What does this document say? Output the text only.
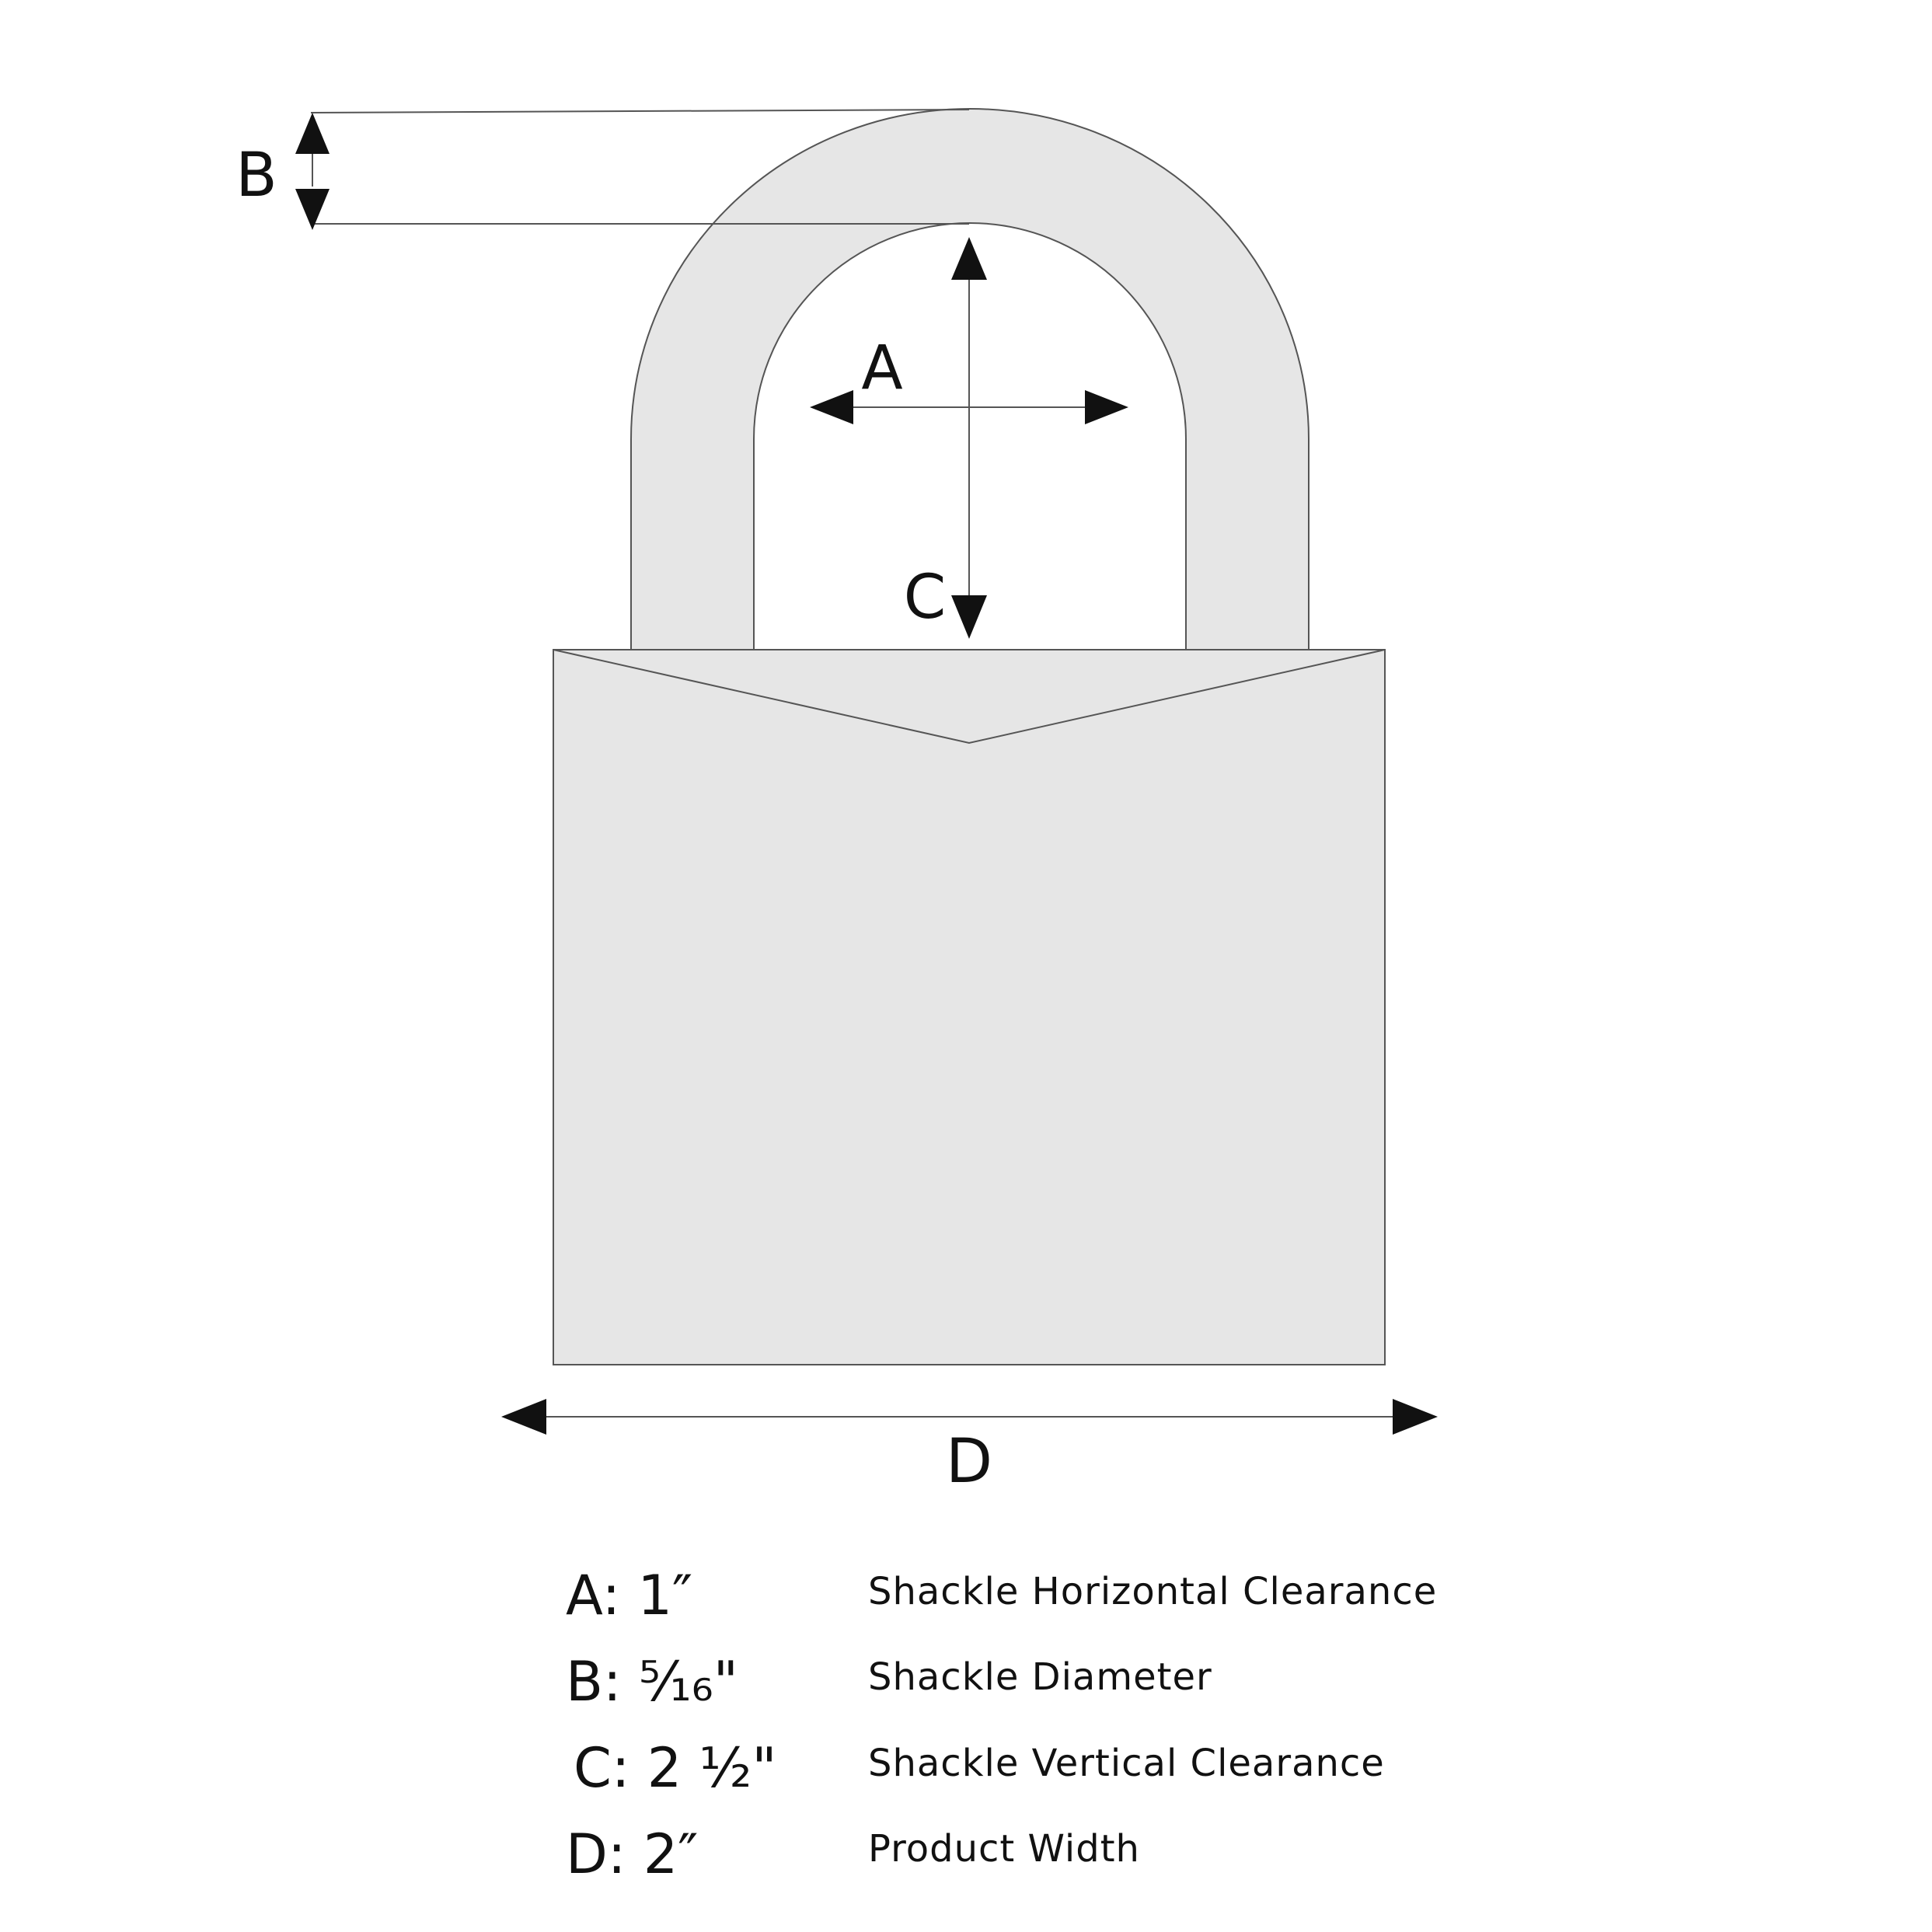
B
A
C
D
A: 1″	Shackle Horizontal Clearance
B: ⁵⁄₁₆"	Shackle Diameter
C: 2 ½" Shackle Vertical Clearance
D: 2″	Product Width
